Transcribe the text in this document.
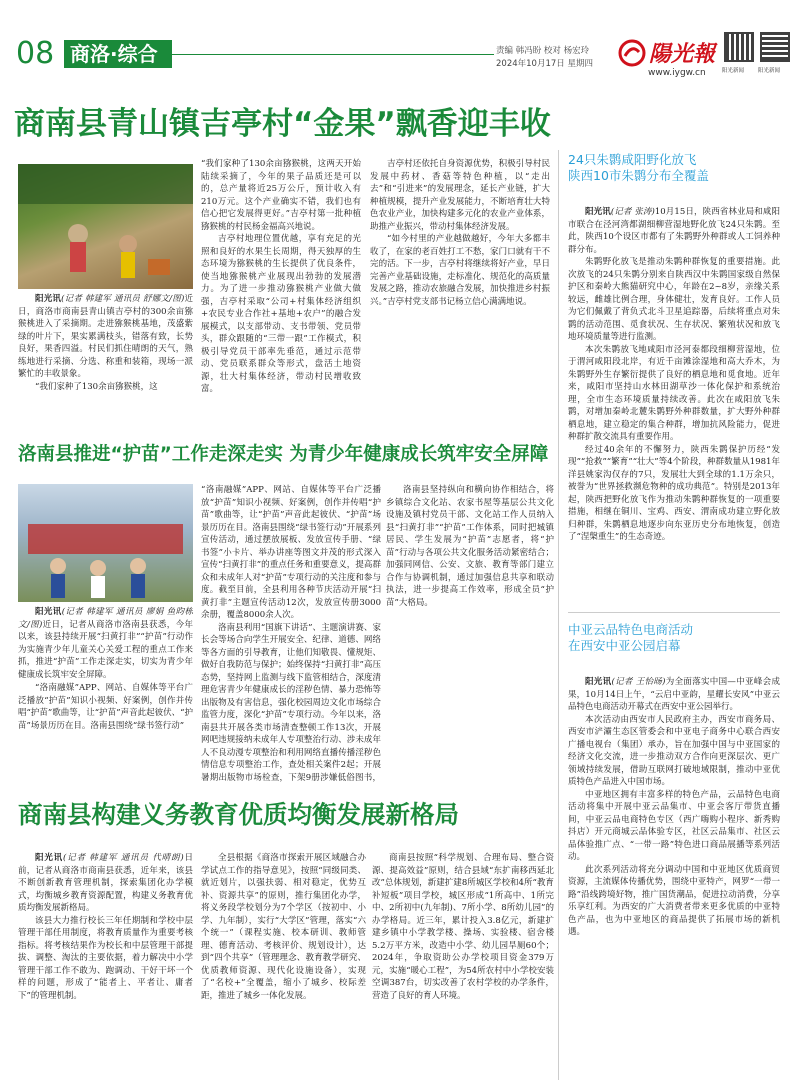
08 商洛·综合	责编 韩冯盼 校对 杨宏玲
2024年10月17日 星期四	陽光報
www.iygw.cn	阳光新闻	阳光新闻
商南县青山镇吉亭村“金果”飘香迎丰收

阳光讯(记者 韩建军 通讯员 舒娜文/图)近日，商洛市商南县青山镇吉亭村的300余亩猕猴桃进入了采摘期。走进猕猴桃基地，茂盛紫绿的叶片下，果实累满枝头，错落有致，长势良好，果香四溢。村民们抓住晴朗的天气，熟练地进行采摘、分选、称重和装箱，现场一派繁忙的丰收景象。

“我们家种了130余亩猕猴桃，这

“我们家种了130余亩猕猴桃，这两天开始陆续采摘了，今年的果子品质还是可以的，总产量将近25万公斤，预计收入有210万元。这个产业确实不错，我们也有信心把它发展得更好。”吉亭村第一批种植猕猴桃的村民杨金福高兴地说。

吉亭村地理位置优越，享有充足的光照和良好的水果生长周期，得天独厚的生态环境为猕猴桃的生长提供了优良条件，使当地猕猴桃产业展现出勃勃的发展潜力。为了进一步推动猕猴桃产业做大做强，吉亭村采取“公司+村集体经济组织+农民专业合作社+基地+农户”的融合发展模式，以支部带动、支书带领、党员带头，群众跟随的“三带一跟”工作模式，积极引导党员干部率先垂范，通过示范带动、党员联系群众等形式，盘活土地资源，壮大村集体经济，带动村民增收致富。

吉亭村还依托自身资源优势，积极引导村民发展中药材、香菇等特色种植，以“走出去”和“引进来”的发展理念，延长产业链，扩大种植规模，提升产业发展能力，不断培育壮大特色农业产业，加快构建多元化的农业产业体系，助推产业振兴，带动村集体经济发展。

“如今村里的产业越做越好，今年大多都丰收了，在家的老百姓打工不愁，家门口就有干不完的活。下一步，吉亭村将继续将好产业，早日完善产业基础设施，走标准化、规范化的高质量发展之路，推动农旅融合发展，加快推进乡村振兴。”吉亭村党支部书记杨立信心满满地说。

洛南县推进“护苗”工作走深走实 为青少年健康成长筑牢安全屏障

阳光讯(记者 韩建军 通讯员 廖娟 鱼昀栋 文/图)近日，记者从商洛市洛南县获悉，今年以来，该县持续开展“扫黄打非”“护苗”行动作为实施青少年儿童关心关爱工程的重点工作来抓，推进“护苗”工作走深走实，切实为青少年健康成长筑牢安全屏障。

“洛南融媒”APP、网站、自媒体等平台广泛播放“护苗”知识小视频、好案例，创作并传唱“护苗”歌曲等，让“护苗”声音此起彼伏、“护苗”场景历历在目。洛南县围绕“绿书签行动”

“洛南融媒”APP、网站、自媒体等平台广泛播放“护苗”知识小视频、好案例，创作并传唱“护苗”歌曲等，让“护苗”声音此起彼伏、“护苗”场景历历在目。洛南县围绕“绿书签行动”开展系列宣传活动，通过摆放展板、发放宣传手册、“绿书签”小卡片、举办讲座等图文并茂的形式深入宣传“扫黄打非”的重点任务和重要意义，提高群众和未成年人对“护苗”专项行动的关注度和参与度。截至目前，全县利用各种节庆活动开展“扫黄打非”主题宣传活动12次，发放宣传册3000余册，覆盖8000余人次。

洛南县利用“国旗下讲话”、主题演讲赛、家长会等场合向学生开展安全、纪律、道德、网络等各方面的引导教育，让他们知敬畏、懂规矩、做好自我防范与保护；始终保持“扫黄打非”高压态势，坚持网上监测与线下监管相结合，深度清理危害青少年健康成长的淫秽色情、暴力恐怖等出版物及有害信息，强化校园周边文化市场综合监管力度，深化“护苗”专项行动。今年以来，洛南县共开展各类市场清查整顿工作13次，开展网吧违规接纳未成年人专项整治行动、涉未成年人不良动漫专项整治和利用网络直播传播淫秽色情信息专项整治工作，查处相关案件2起；开展暑期出版物市场检查，下架9册涉嫌低俗图书，

洛南县坚持纵向和横向协作相结合，将乡镇综合文化站、农家书屋等基层公共文化设施及镇村党员干部、文化站工作人员纳入县“扫黄打非”“护苗”工作体系，同时把城镇居民、学生发展为“护苗”志愿者，将“护苗”行动与各项公共文化服务活动紧密结合；加强同网信、公安、文旅、教育等部门建立合作与协调机制，通过加强信息共享和联动执法，进一步提高工作效率，形成全员“护苗”大格局。

商南县构建义务教育优质均衡发展新格局

阳光讯(记者 韩建军 通讯员 代晴朗)日前，记者从商洛市商南县获悉，近年来，该县不断创新教育管理机制，探索集团化办学模式，均衡城乡教育资源配置，构建义务教育优质均衡发展新格局。

该县大力推行校长三年任期制和学校中层管理干部任用制度，将教育质量作为重要考核指标。将考核结果作为校长和中层管理干部提拔、调整、淘汰的主要依据，着力解决中小学管理干部工作不敢为、跑调动、干好干坏一个样的问题，形成了“能者上、平者让、庸者下”的管理机制。

全县根据《商洛市探索开展区域融合办学试点工作的指导意见》，按照“同级同类、就近划片，以强扶弱、相对稳定，优势互补、资源共享”的原则，推行集团化办学，将义务段学校划分为7个学区（按初中、小学、九年制），实行“大学区”管理，落实“六个统一”（课程实施、校本研训、教师管理、德育活动、考核评价、规划设计），达到“四个共享”（管理理念、教育教学研究、优质教师资源、现代化设施设备），实现了“名校+”全覆盖，缩小了城乡、校际差距，推进了城乡一体化发展。

商南县按照“科学规划、合理布局、整合资源、提高效益”原则，结合县域“东扩南移西延北改”总体规划，新建扩建8所城区学校和4所“教育补短板”项目学校，城区形成“1所高中、1所完中、2所初中(九年制)、7所小学、8所幼儿园”的办学格局。近三年，累计投入3.8亿元，新建扩建乡镇中小学教学楼、操场、实验楼、宿舍楼5.2万平方米，改造中小学、幼儿园旱厕60个；2024年，争取资助公办学校项目资金379万元，实施“暖心工程”，为54所农村中小学校安装空调387台，切实改善了农村学校的办学条件，营造了良好的育人环境。

24只朱鹮咸阳野化放飞
陕西10市朱鹮分布全覆盖

阳光讯(记者 张涛)10月15日，陕西省林业局和咸阳市联合在泾河湾都湖细柳营湿地野化放飞24只朱鹮。至此，陕西10个设区市都有了朱鹮野外种群或人工饲养种群分布。

朱鹮野化放飞是推动朱鹮种群恢复的重要措施。此次放飞的24只朱鹮分别来自陕西汉中朱鹮国家级自然保护区和秦岭大熊猫研究中心，年龄在2~8岁，亲缘关系较远，雌雄比例合理，身体健壮，发育良好。工作人员为它们佩戴了背负式北斗卫星追踪器，后续将重点对朱鹮的活动范围、觅食状况、生存状况、繁殖状况和放飞地环境质量等进行监测。

本次朱鹮放飞地咸阳市泾河泰都段细柳营湿地，位于渭河咸阳段北岸，有近千亩滩涂湿地和高大乔木，为朱鹮野外生存繁衍提供了良好的栖息地和觅食地。近年来，咸阳市坚持山水林田湖草沙一体化保护和系统治理，全市生态环境质量持续改善。此次在咸阳放飞朱鹮，对增加秦岭北麓朱鹮野外种群数量，扩大野外种群栖息地，建立稳定的集合种群，增加抗风险能力，促进种群扩散交流具有重要作用。

经过40余年的不懈努力，陕西朱鹮保护历经“发现”“抢救”“繁育”“壮大”等4个阶段，种群数量从1981年洋县姚家沟仅存的7只，发展壮大到全球的1.1万余只，被誉为“世界拯救濒危物种的成功典范”。特别是2013年起，陕西把野化放飞作为推动朱鹮种群恢复的一项重要措施，相继在铜川、宝鸡、西安、渭南成功建立野化放归种群，朱鹮栖息地逐步向东亚历史分布地恢复，创造了“涅槃重生”的生态奇迹。

中亚云品特色电商活动
在西安中亚公园启幕

阳光讯(记者 王怡旸)为全面落实中国—中亚峰会成果，10月14日上午，“云启中亚韵，星耀长安风”中亚云品特色电商活动开幕式在西安中亚公园举行。

本次活动由西安市人民政府主办，西安市商务局、西安市浐灞生态区管委会和中亚电子商务中心联合西安广播电视台（集团）承办，旨在加强中国与中亚国家的经济文化交流，进一步推动双方合作向更深层次、更广领域持续发展，借助互联网打破地域限制，推动中亚优质特色产品进入中国市场。

中亚地区拥有丰富多样的特色产品，云品特色电商活动将集中开展中亚云品集市、中亚会客厅带货直播间，中亚云品电商特色专区（西广嗨购小程序、新秀购抖店）开元商城云品体验专区，社区云品集市、社区云品体验推广点、“一带一路”特色进口商品展播等系列活动。

此次系列活动将充分调动中国和中亚地区优质商贸资源，主流媒体传播优势，围绕中亚特产，网罗“一带一路”沿线跨境好物，推广国货潮品，促进拉动消费，分享乐享红利。为西安的广大消费者带来更多优质的中亚特色产品，也为中亚地区的商品提供了拓展市场的新机遇。
